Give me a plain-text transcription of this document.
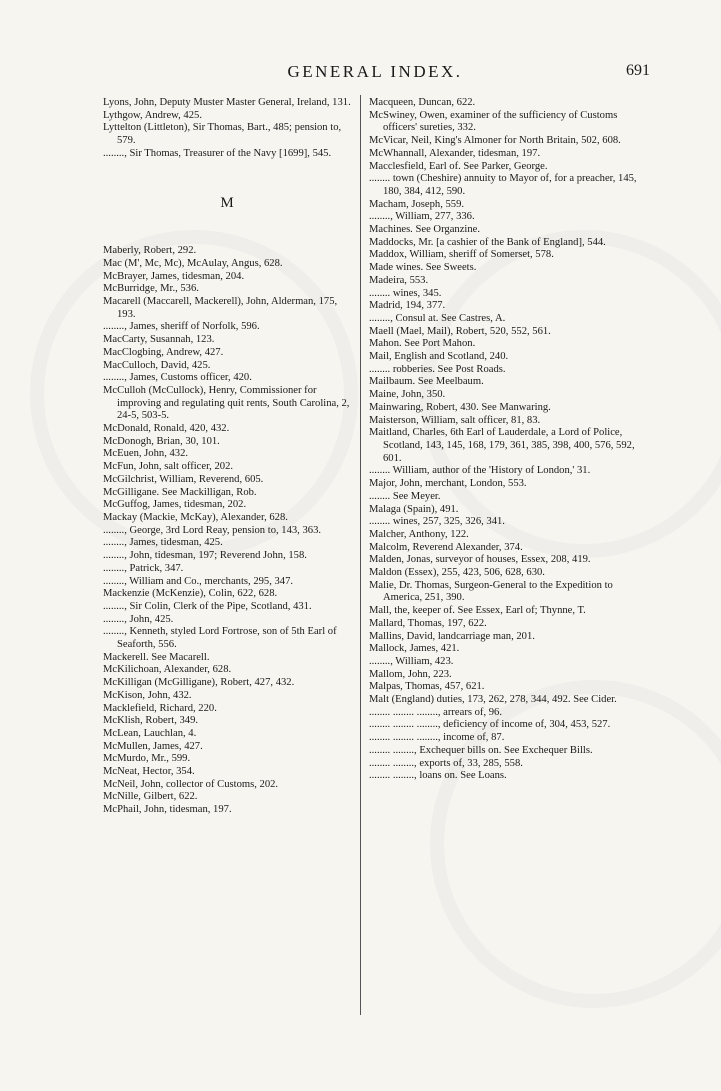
GENERAL INDEX.	691

Lyons, John, Deputy Muster Master General, Ireland, 131.

Lythgow, Andrew, 425.

Lyttelton (Littleton), Sir Thomas, Bart., 485; pension to, 579.

........, Sir Thomas, Treasurer of the Navy [1699], 545.

M

Maberly, Robert, 292.

Mac (M', Mc, Mc), McAulay, Angus, 628.

McBrayer, James, tidesman, 204.

McBurridge, Mr., 536.

Macarell (Maccarell, Mackerell), John, Alderman, 175, 193.

........, James, sheriff of Norfolk, 596.

MacCarty, Susannah, 123.

MacClogbing, Andrew, 427.

MacCulloch, David, 425.

........, James, Customs officer, 420.

McCulloh (McCullock), Henry, Commissioner for improving and regulating quit rents, South Carolina, 2, 24-5, 503-5.

McDonald, Ronald, 420, 432.

McDonogh, Brian, 30, 101.

McEuen, John, 432.

McFun, John, salt officer, 202.

McGilchrist, William, Reverend, 605.

McGilligane. See Mackilligan, Rob.

McGuffog, James, tidesman, 202.

Mackay (Mackie, McKay), Alexander, 628.

........, George, 3rd Lord Reay, pension to, 143, 363.

........, James, tidesman, 425.

........, John, tidesman, 197; Reverend John, 158.

........, Patrick, 347.

........, William and Co., merchants, 295, 347.

Mackenzie (McKenzie), Colin, 622, 628.

........, Sir Colin, Clerk of the Pipe, Scotland, 431.

........, John, 425.

........, Kenneth, styled Lord Fortrose, son of 5th Earl of Seaforth, 556.

Mackerell. See Macarell.

McKilichoan, Alexander, 628.

McKilligan (McGilligane), Robert, 427, 432.

McKison, John, 432.

Macklefield, Richard, 220.

McKlish, Robert, 349.

McLean, Lauchlan, 4.

McMullen, James, 427.

McMurdo, Mr., 599.

McNeat, Hector, 354.

McNeil, John, collector of Customs, 202.

McNille, Gilbert, 622.

McPhail, John, tidesman, 197.

Macqueen, Duncan, 622.

McSwiney, Owen, examiner of the sufficiency of Customs officers' sureties, 332.

McVicar, Neil, King's Almoner for North Britain, 502, 608.

McWhannall, Alexander, tidesman, 197.

Macclesfield, Earl of. See Parker, George.

........ town (Cheshire) annuity to Mayor of, for a preacher, 145, 180, 384, 412, 590.

Macham, Joseph, 559.

........, William, 277, 336.

Machines. See Organzine.

Maddocks, Mr. [a cashier of the Bank of England], 544.

Maddox, William, sheriff of Somerset, 578.

Made wines. See Sweets.

Madeira, 553.

........ wines, 345.

Madrid, 194, 377.

........, Consul at. See Castres, A.

Maell (Mael, Mail), Robert, 520, 552, 561.

Mahon. See Port Mahon.

Mail, English and Scotland, 240.

........ robberies. See Post Roads.

Mailbaum. See Meelbaum.

Maine, John, 350.

Mainwaring, Robert, 430. See Manwaring.

Maisterson, William, salt officer, 81, 83.

Maitland, Charles, 6th Earl of Lauderdale, a Lord of Police, Scotland, 143, 145, 168, 179, 361, 385, 398, 400, 576, 592, 601.

........ William, author of the 'History of London,' 31.

Major, John, merchant, London, 553.

........ See Meyer.

Malaga (Spain), 491.

........ wines, 257, 325, 326, 341.

Malcher, Anthony, 122.

Malcolm, Reverend Alexander, 374.

Malden, Jonas, surveyor of houses, Essex, 208, 419.

Maldon (Essex), 255, 423, 506, 628, 630.

Malie, Dr. Thomas, Surgeon-General to the Expedition to America, 251, 390.

Mall, the, keeper of. See Essex, Earl of; Thynne, T.

Mallard, Thomas, 197, 622.

Mallins, David, landcarriage man, 201.

Mallock, James, 421.

........, William, 423.

Mallom, John, 223.

Malpas, Thomas, 457, 621.

Malt (England) duties, 173, 262, 278, 344, 492. See Cider.

........ ........ ........, arrears of, 96.

........ ........ ........, deficiency of income of, 304, 453, 527.

........ ........ ........, income of, 87.

........ ........, Exchequer bills on. See Exchequer Bills.

........ ........, exports of, 33, 285, 558.

........ ........, loans on. See Loans.
